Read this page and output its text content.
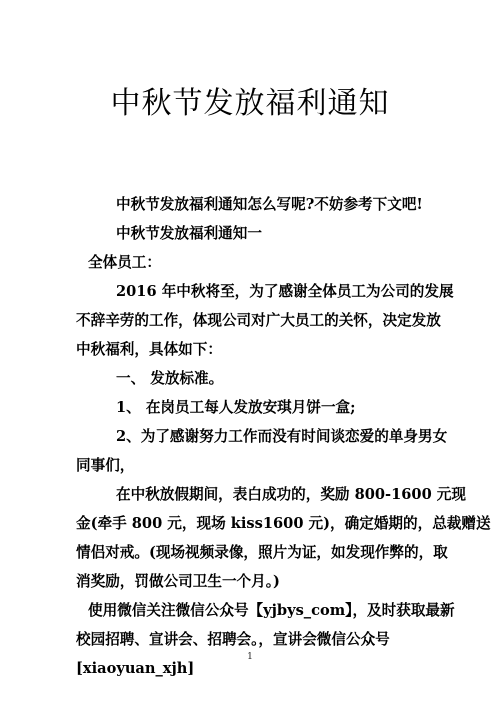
中秋节发放福利通知

中秋节发放福利通知怎么写呢?不妨参考下文吧!

中秋节发放福利通知一

全体员工：

2016 年中秋将至，为了感谢全体员工为公司的发展

不辞辛劳的工作，体现公司对广大员工的关怀，决定发放

中秋福利，具体如下：

一、 发放标准。

1、 在岗员工每人发放安琪月饼一盒;

2、为了感谢努力工作而没有时间谈恋爱的单身男女

同事们，

在中秋放假期间，表白成功的，奖励 800-1600 元现

金(牵手 800 元，现场 kiss1600 元)，确定婚期的，总裁赠送

情侣对戒。(现场视频录像，照片为证，如发现作弊的，取

消奖励，罚做公司卫生一个月。)

使用微信关注微信公众号【yjbys_com】，及时获取最新

校园招聘、宣讲会、招聘会。，宣讲会微信公众号

[xiaoyuan_xjh]

1
